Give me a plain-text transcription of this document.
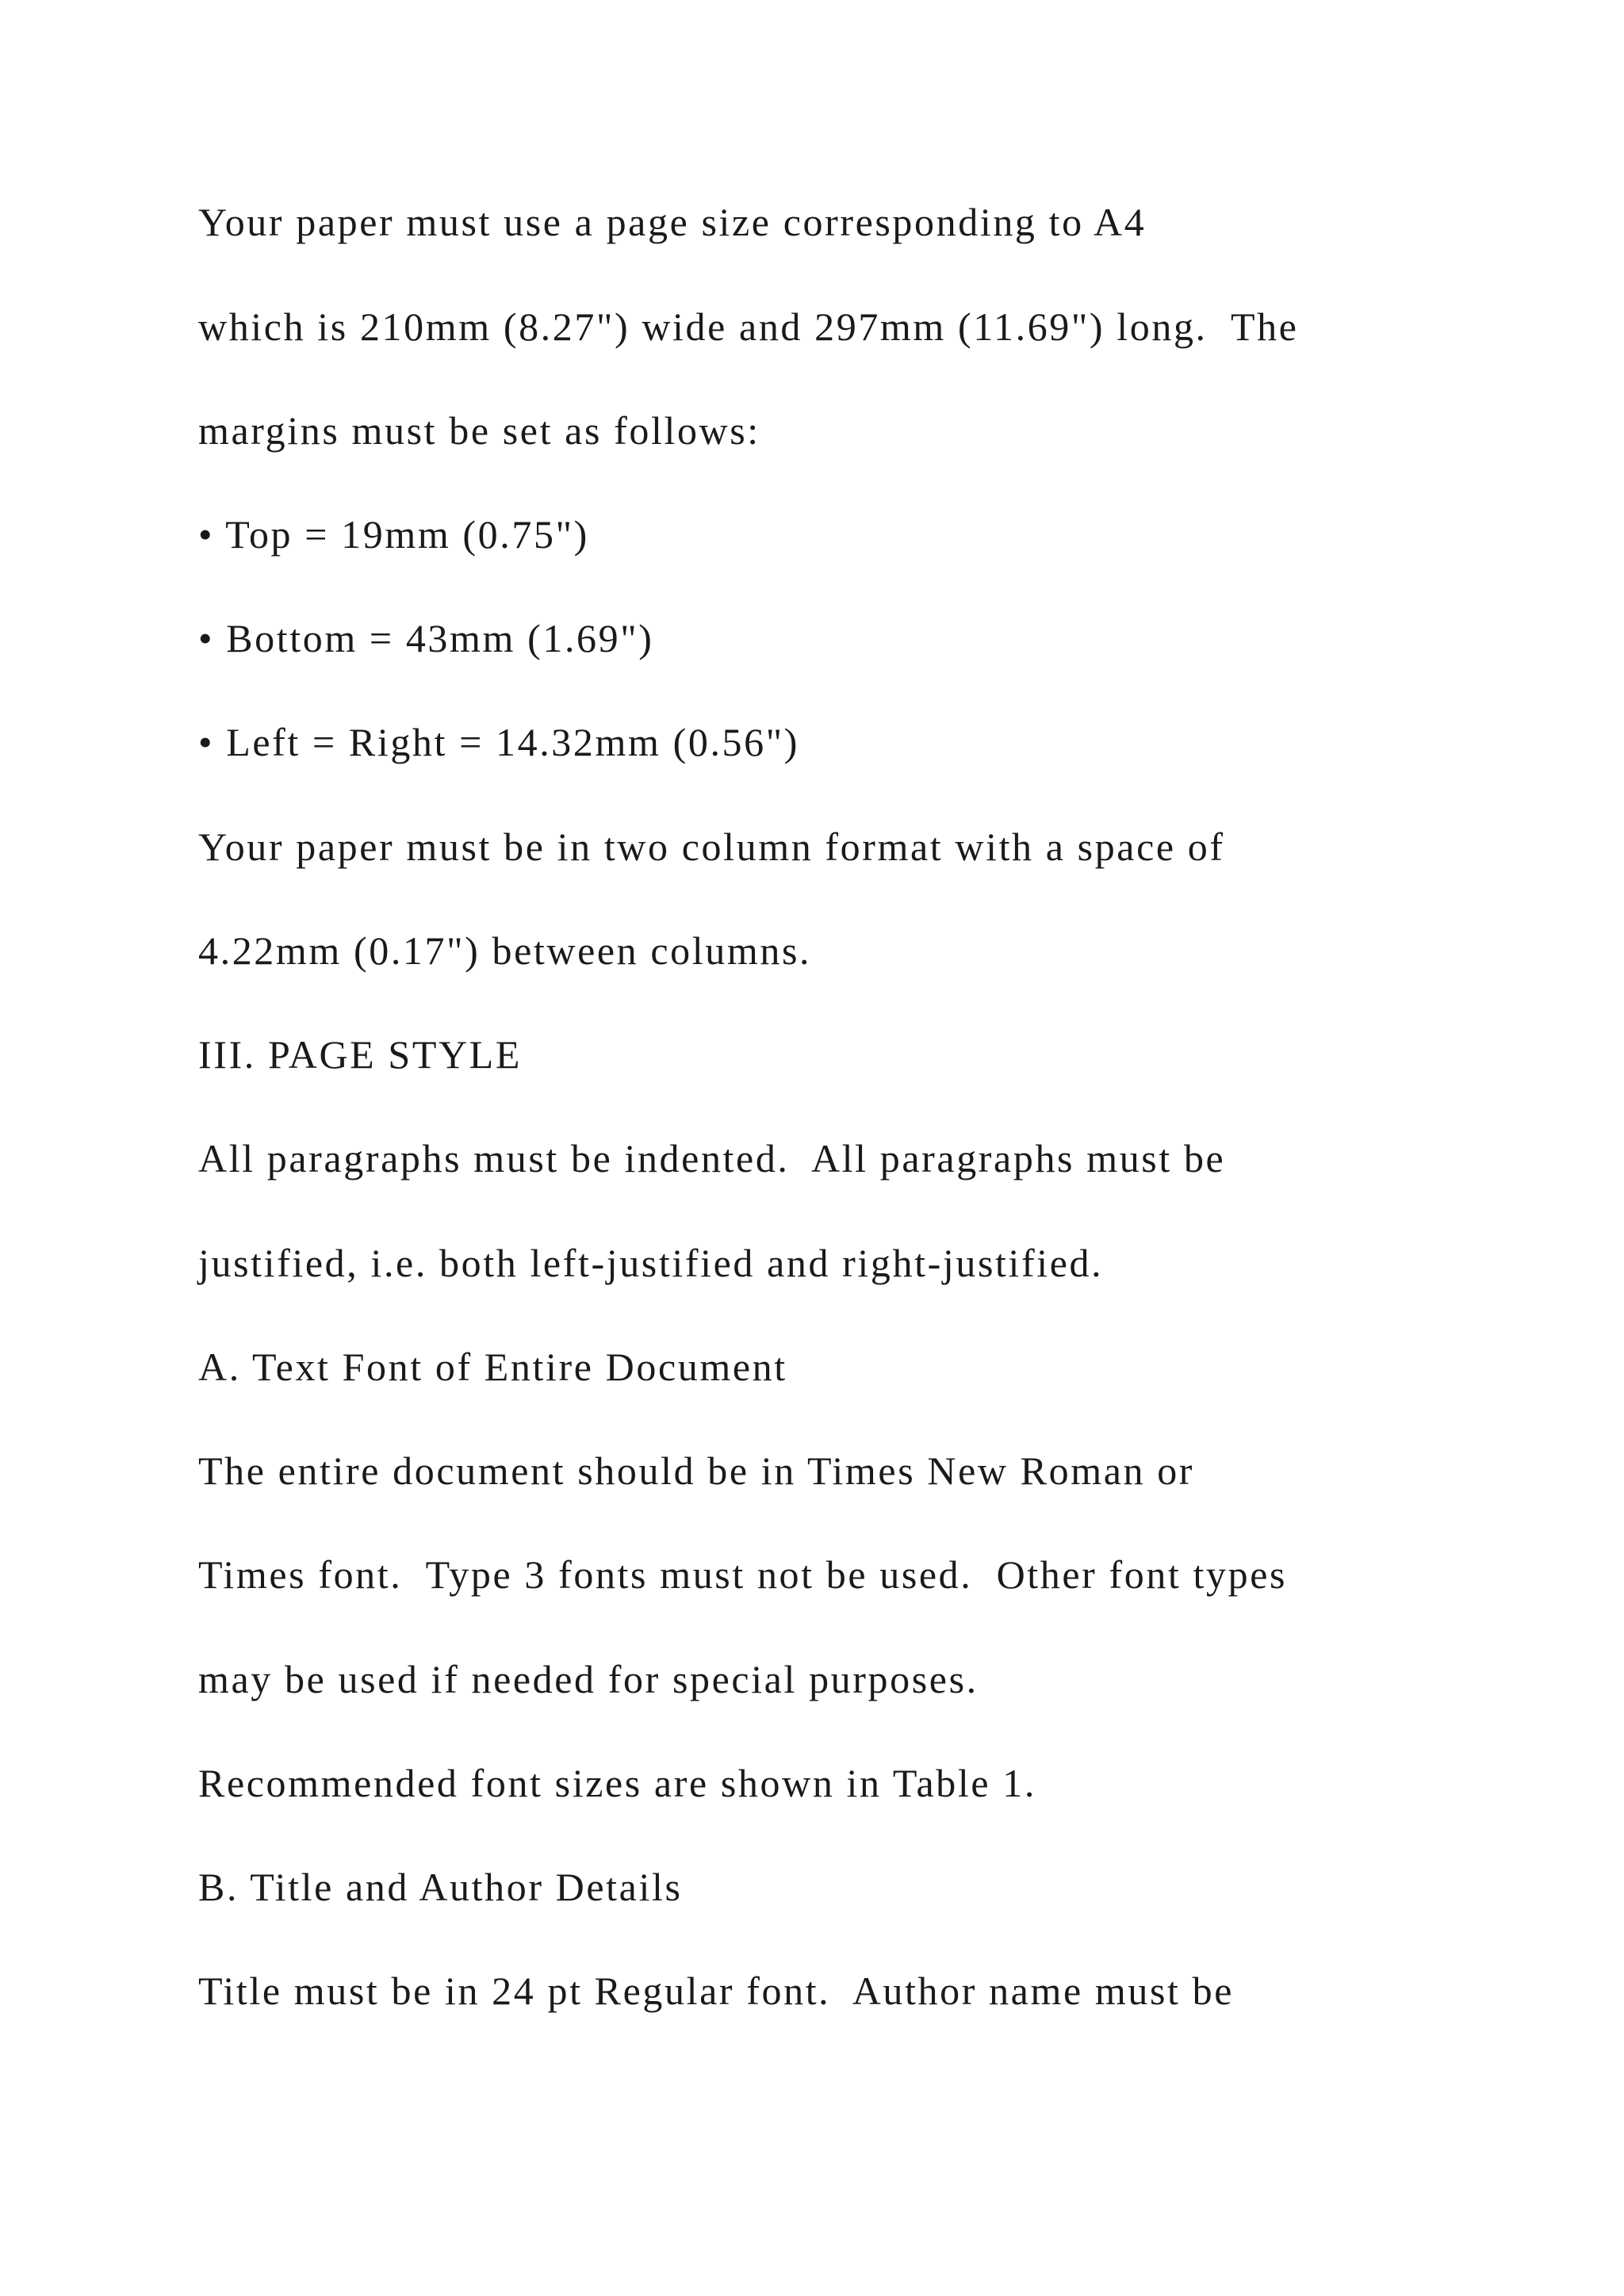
Your paper must use a page size corresponding to A4

which is 210mm (8.27") wide and 297mm (11.69") long.  The

margins must be set as follows:

• Top = 19mm (0.75")

• Bottom = 43mm (1.69")

• Left = Right = 14.32mm (0.56")

Your paper must be in two column format with a space of

4.22mm (0.17") between columns.

III. PAGE STYLE

All paragraphs must be indented.  All paragraphs must be

justified, i.e. both left-justified and right-justified.

A. Text Font of Entire Document

The entire document should be in Times New Roman or

Times font.  Type 3 fonts must not be used.  Other font types

may be used if needed for special purposes.

Recommended font sizes are shown in Table 1.

B. Title and Author Details

Title must be in 24 pt Regular font.  Author name must be
